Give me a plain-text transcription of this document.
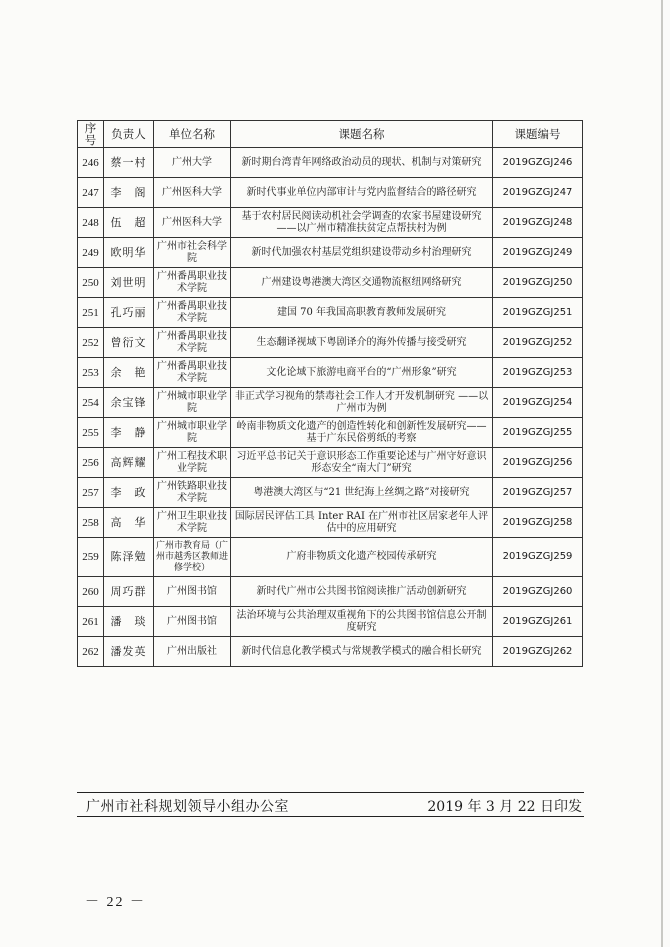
序号	负责人	单位名称	课题名称	课题编号
246	蔡一村	广州大学	新时期台湾青年网络政治动员的现状、机制与对策研究	2019GZGJ246
247	李　阁	广州医科大学	新时代事业单位内部审计与党内监督结合的路径研究	2019GZGJ247
248	伍　超	广州医科大学	基于农村居民阅读动机社会学调查的农家书屋建设研究 ——以广州市精准扶贫定点帮扶村为例	2019GZGJ248
249	欧明华	广州市社会科学院	新时代加强农村基层党组织建设带动乡村治理研究	2019GZGJ249
250	刘世明	广州番禺职业技术学院	广州建设粤港澳大湾区交通物流枢纽网络研究	2019GZGJ250
251	孔巧丽	广州番禺职业技术学院	建国 70 年我国高职教育教师发展研究	2019GZGJ251
252	曾衍文	广州番禺职业技术学院	生态翻译视域下粤剧译介的海外传播与接受研究	2019GZGJ252
253	余　艳	广州番禺职业技术学院	文化论域下旅游电商平台的“广州形象”研究	2019GZGJ253
254	余宝锋	广州城市职业学院	非正式学习视角的禁毒社会工作人才开发机制研究 ——以广州市为例	2019GZGJ254
255	李　静	广州城市职业学院	岭南非物质文化遗产的创造性转化和创新性发展研究——基于广东民俗剪纸的考察	2019GZGJ255
256	高辉耀	广州工程技术职业学院	习近平总书记关于意识形态工作重要论述与广州守好意识形态安全“南大门”研究	2019GZGJ256
257	李　政	广州铁路职业技术学院	粤港澳大湾区与“21 世纪海上丝绸之路”对接研究	2019GZGJ257
258	高　华	广州卫生职业技术学院	国际居民评估工具 Inter RAI 在广州市社区居家老年人评估中的应用研究	2019GZGJ258
259	陈泽勉	广州市教育局（广州市越秀区教师进修学校）	广府非物质文化遗产校园传承研究	2019GZGJ259
260	周巧群	广州图书馆	新时代广州市公共图书馆阅读推广活动创新研究	2019GZGJ260
261	潘　琰	广州图书馆	法治环境与公共治理双重视角下的公共图书馆信息公开制度研究	2019GZGJ261
262	潘发英	广州出版社	新时代信息化教学模式与常规教学模式的融合相长研究	2019GZGJ262
广州市社科规划领导小组办公室	2019 年 3 月 22 日印发
－ 22 －
